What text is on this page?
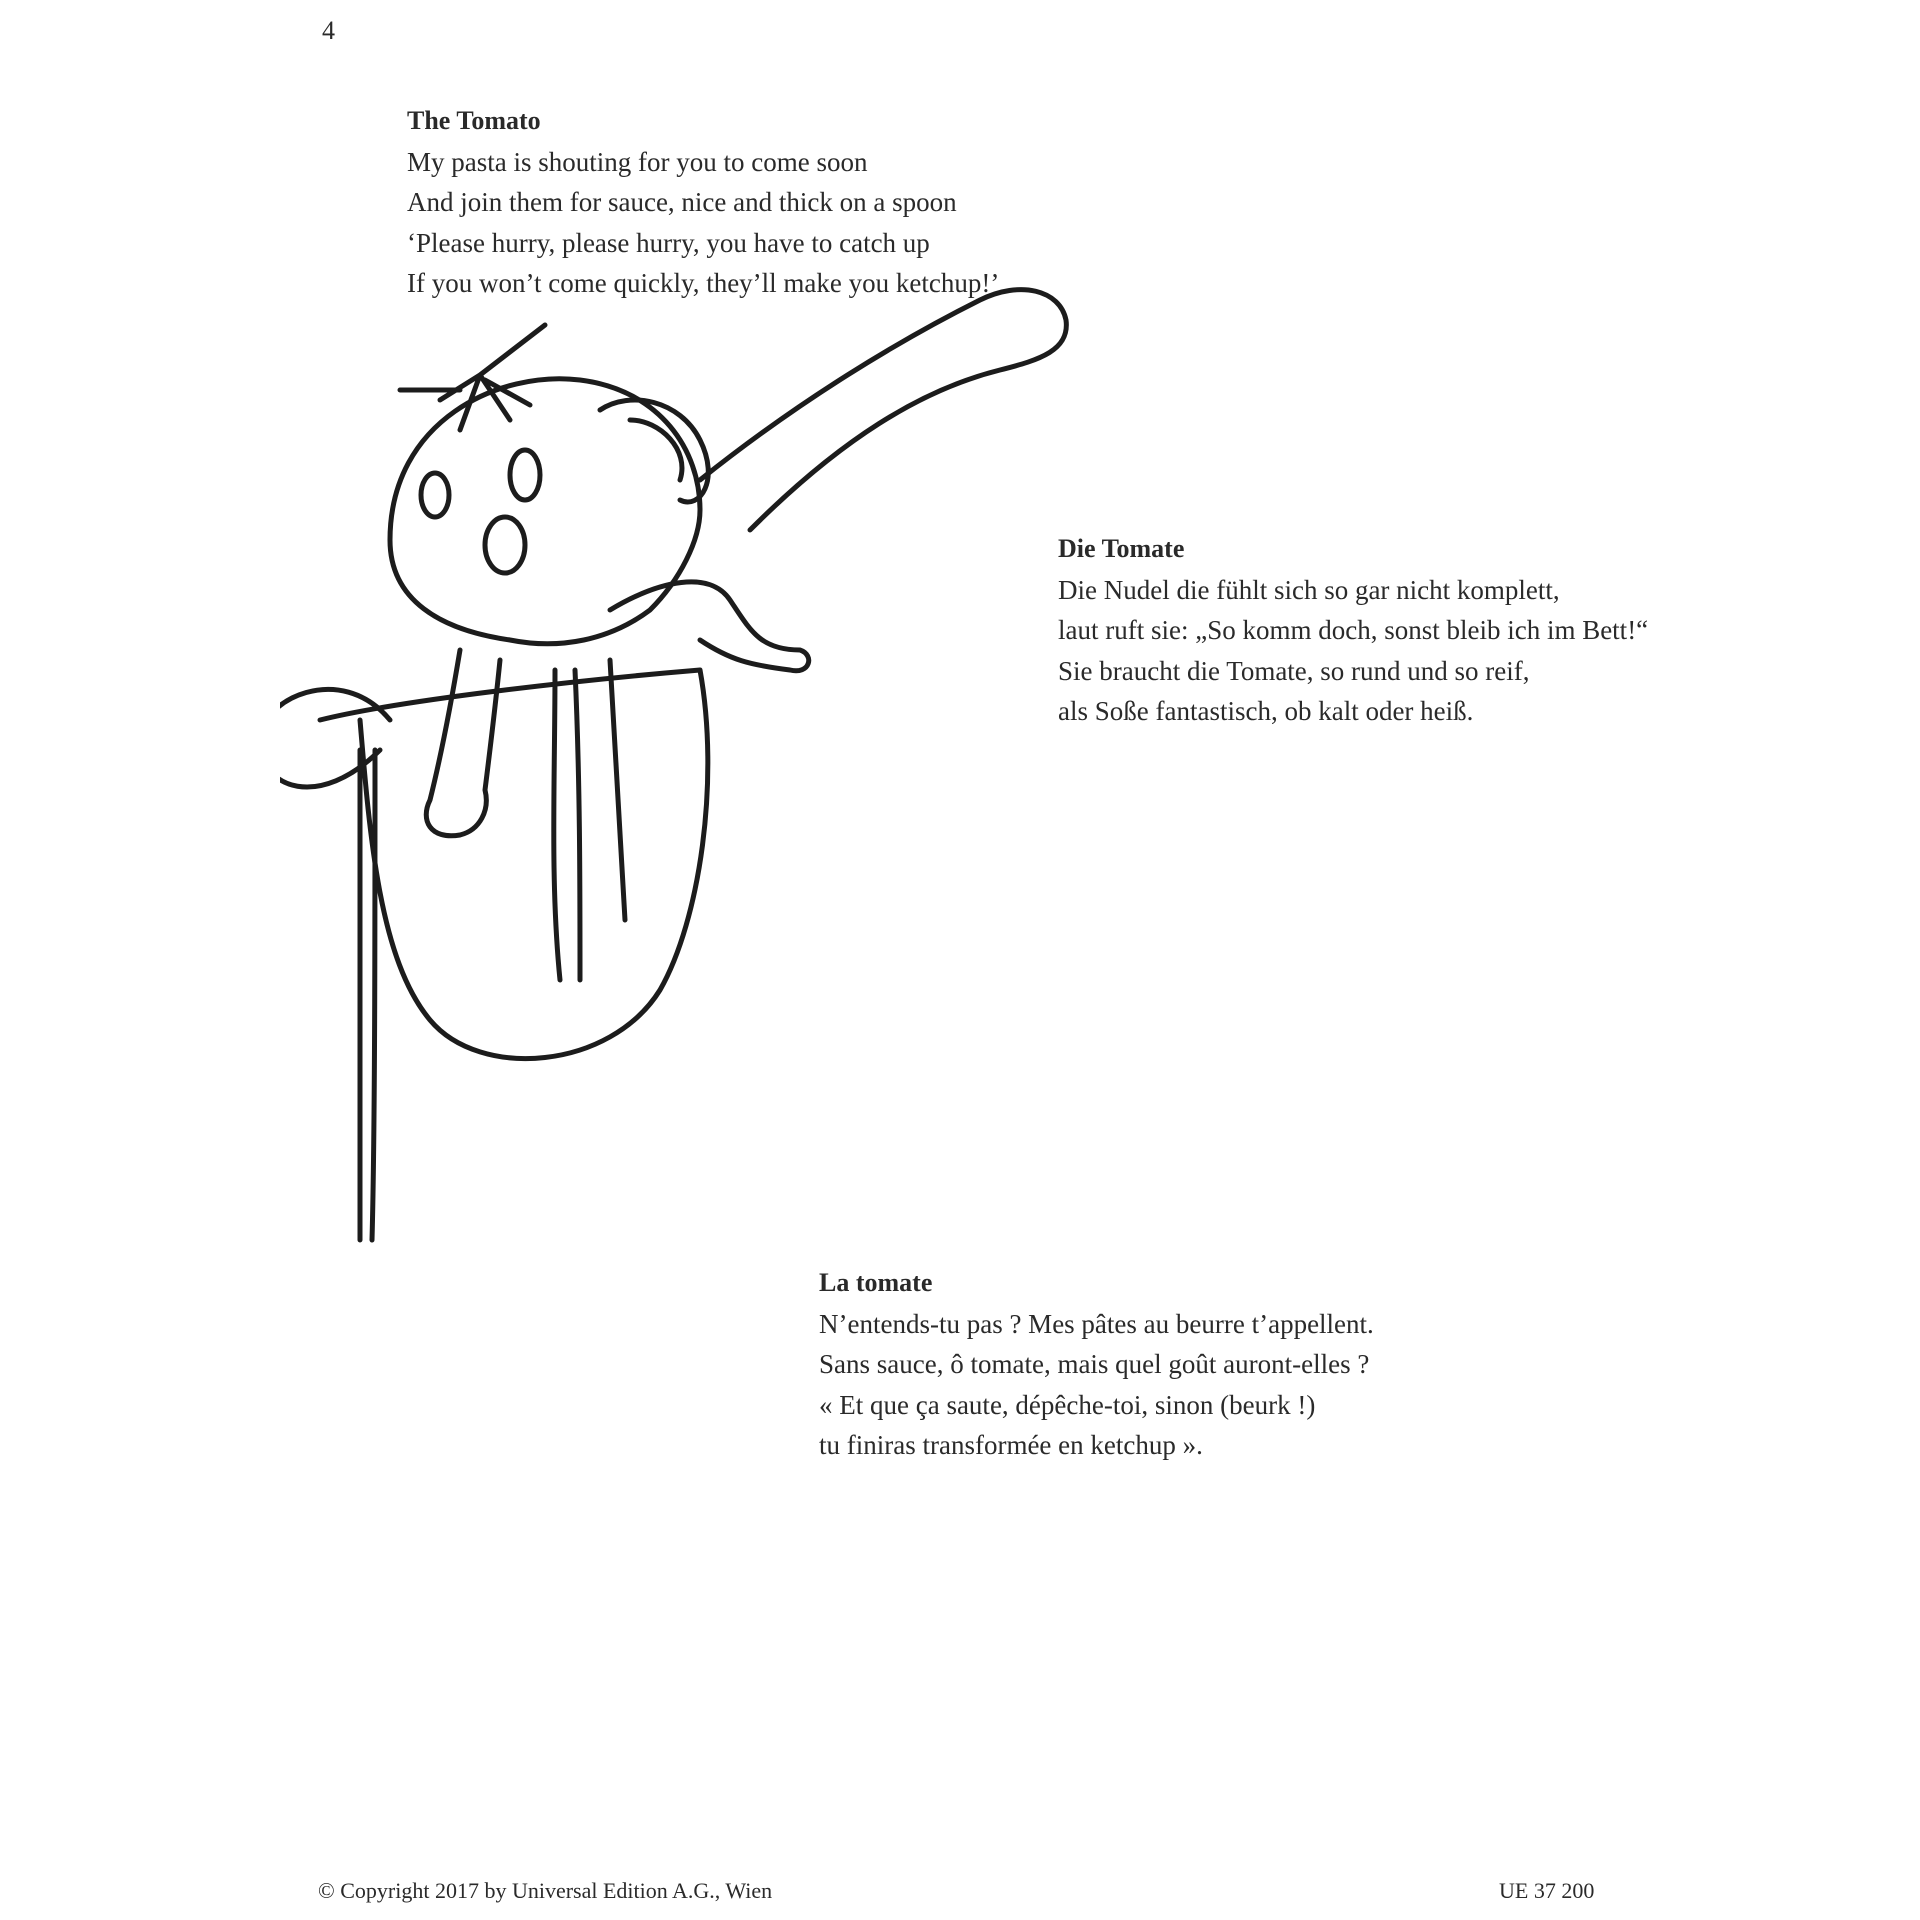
4
The Tomato
My pasta is shouting for you to come soon
And join them for sauce, nice and thick on a spoon
‘Please hurry, please hurry, you have to catch up
If you won’t come quickly, they’ll make you ketchup!’
Die Tomate
Die Nudel die fühlt sich so gar nicht komplett,
laut ruft sie: „So komm doch, sonst bleib ich im Bett!“
Sie braucht die Tomate, so rund und so reif,
als Soße fantastisch, ob kalt oder heiß.
La tomate
N’entends-tu pas ? Mes pâtes au beurre t’appellent.
Sans sauce, ô tomate, mais quel goût auront-elles ?
« Et que ça saute, dépêche-toi, sinon (beurk !)
tu finiras transformée en ketchup ».
© Copyright 2017 by Universal Edition A.G., Wien	UE 37 200
